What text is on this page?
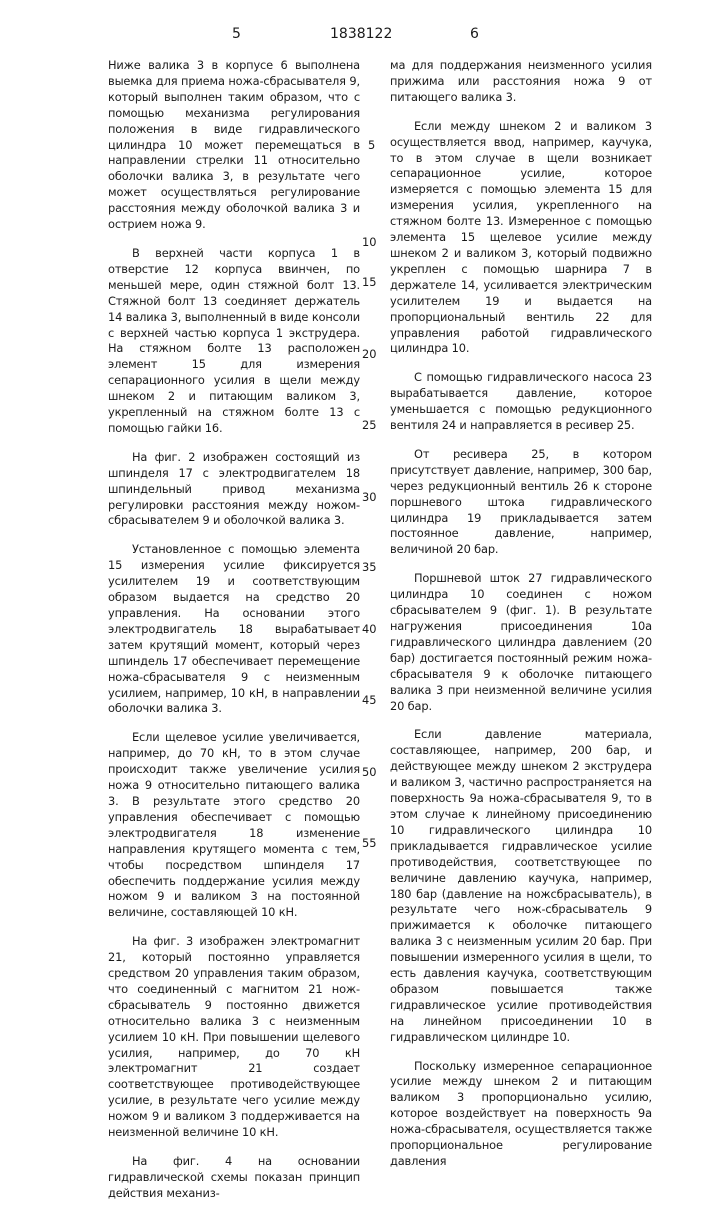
5	1838122	6

Ниже валика 3 в корпусе 6 выполнена выемка для приема ножа-сбрасывателя 9, который выполнен таким образом, что с помощью механизма регулирования положения в виде гидравлического цилиндра 10 может перемещаться в направлении стрелки 11 относительно оболочки валика 3, в результате чего может осуществляться регулирование расстояния между оболочкой валика 3 и острием ножа 9.

В верхней части корпуса 1 в отверстие 12 корпуса ввинчен, по меньшей мере, один стяжной болт 13. Стяжной болт 13 соединяет держатель 14 валика 3, выполненный в виде консоли с верхней частью корпуса 1 экструдера. На стяжном болте 13 расположен элемент 15 для измерения сепарационного усилия в щели между шнеком 2 и питающим валиком 3, укрепленный на стяжном болте 13 с помощью гайки 16.

На фиг. 2 изображен состоящий из шпинделя 17 с электродвигателем 18 шпиндельный привод механизма регулировки расстояния между ножом-сбрасывателем 9 и оболочкой валика 3.

Установленное с помощью элемента 15 измерения усилие фиксируется усилителем 19 и соответствующим образом выдается на средство 20 управления. На основании этого электродвигатель 18 вырабатывает затем крутящий момент, который через шпиндель 17 обеспечивает перемещение ножа-сбрасывателя 9 с неизменным усилием, например, 10 кН, в направлении оболочки валика 3.

Если щелевое усилие увеличивается, например, до 70 кН, то в этом случае происходит также увеличение усилия ножа 9 относительно питающего валика 3. В результате этого средство 20 управления обеспечивает с помощью электродвигателя 18 изменение направления крутящего момента с тем, чтобы посредством шпинделя 17 обеспечить поддержание усилия между ножом 9 и валиком 3 на постоянной величине, составляющей 10 кН.

На фиг. 3 изображен электромагнит 21, который постоянно управляется средством 20 управления таким образом, что соединенный с магнитом 21 нож-сбрасыватель 9 постоянно движется относительно валика 3 с неизменным усилием 10 кН. При повышении щелевого усилия, например, до 70 кН электромагнит 21 создает соответствующее противодействующее усилие, в результате чего усилие между ножом 9 и валиком 3 поддерживается на неизменной величине 10 кН.

На фиг. 4 на основании гидравлической схемы показан принцип действия механиз-

ма для поддержания неизменного усилия прижима или расстояния ножа 9 от питающего валика 3.

Если между шнеком 2 и валиком 3 осуществляется ввод, например, каучука, то в этом случае в щели возникает сепарационное усилие, которое измеряется с помощью элемента 15 для измерения усилия, укрепленного на стяжном болте 13. Измеренное с помощью элемента 15 щелевое усилие между шнеком 2 и валиком 3, который подвижно укреплен с помощью шарнира 7 в держателе 14, усиливается электрическим усилителем 19 и выдается на пропорциональный вентиль 22 для управления работой гидравлического цилиндра 10.

С помощью гидравлического насоса 23 вырабатывается давление, которое уменьшается с помощью редукционного вентиля 24 и направляется в ресивер 25.

От ресивера 25, в котором присутствует давление, например, 300 бар, через редукционный вентиль 26 к стороне поршневого штока гидравлического цилиндра 19 прикладывается затем постоянное давление, например, величиной 20 бар.

Поршневой шток 27 гидравлического цилиндра 10 соединен с ножом сбрасывателем 9 (фиг. 1). В результате нагружения присоединения 10а гидравлического цилиндра давлением (20 бар) достигается постоянный режим ножа-сбрасывателя 9 к оболочке питающего валика 3 при неизменной величине усилия 20 бар.

Если давление материала, составляющее, например, 200 бар, и действующее между шнеком 2 экструдера и валиком 3, частично распространяется на поверхность 9а ножа-сбрасывателя 9, то в этом случае к линейному присоединению 10 гидравлического цилиндра 10 прикладывается гидравлическое усилие противодействия, соответствующее по величине давлению каучука, например, 180 бар (давление на ножсбрасыватель), в результате чего нож-сбрасыватель 9 прижимается к оболочке питающего валика 3 с неизменным усилим 20 бар. При повышении измеренного усилия в щели, то есть давления каучука, соответствующим образом повышается также гидравлическое усилие противодействия на линейном присоединении 10 в гидравлическом цилиндре 10.

Поскольку измеренное сепарационное усилие между шнеком 2 и питающим валиком 3 пропорционально усилию, которое воздействует на поверхность 9а ножа-сбрасывателя, осуществляется также пропорциональное регулирование давления

5
10
15
20
25
30
35
40
45
50
55
